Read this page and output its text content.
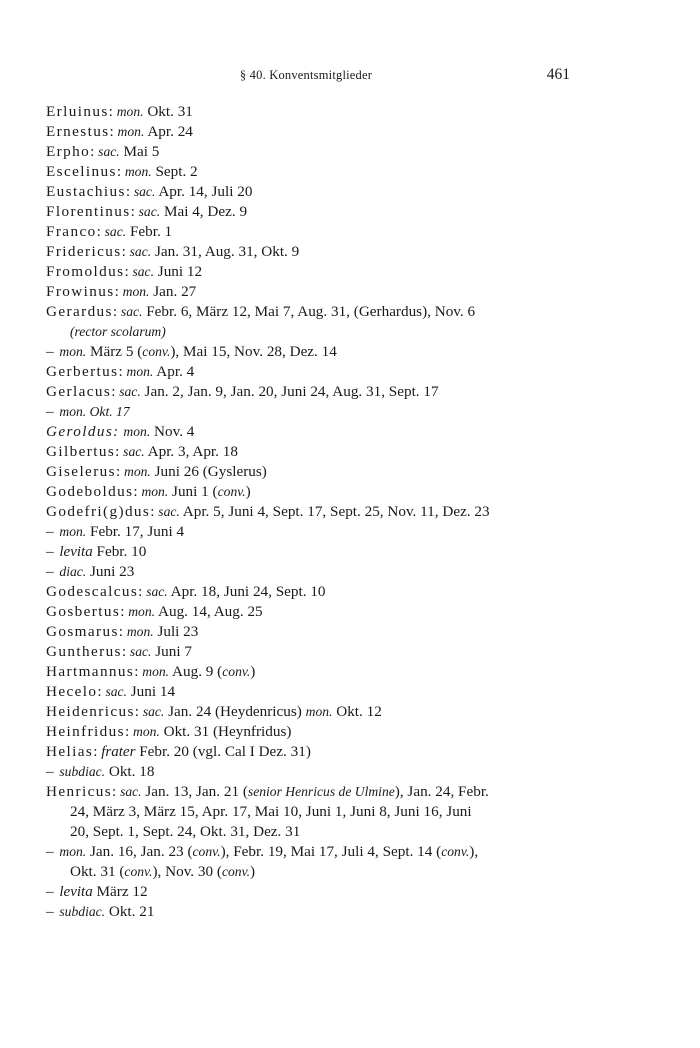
§ 40. Konventsmitglieder	461

Erluinus: mon. Okt. 31

Ernestus: mon. Apr. 24

Erpho: sac. Mai 5

Escelinus: mon. Sept. 2

Eustachius: sac. Apr. 14, Juli 20

Florentinus: sac. Mai 4, Dez. 9

Franco: sac. Febr. 1

Fridericus: sac. Jan. 31, Aug. 31, Okt. 9

Fromoldus: sac. Juni 12

Frowinus: mon. Jan. 27

Gerardus: sac. Febr. 6, März 12, Mai 7, Aug. 31, (Gerhardus), Nov. 6

(rector scolarum)

– mon. März 5 (conv.), Mai 15, Nov. 28, Dez. 14

Gerbertus: mon. Apr. 4

Gerlacus: sac. Jan. 2, Jan. 9, Jan. 20, Juni 24, Aug. 31, Sept. 17

– mon. Okt. 17

Geroldus: mon. Nov. 4

Gilbertus: sac. Apr. 3, Apr. 18

Giselerus: mon. Juni 26 (Gyslerus)

Godeboldus: mon. Juni 1 (conv.)

Godefri(g)dus: sac. Apr. 5, Juni 4, Sept. 17, Sept. 25, Nov. 11, Dez. 23

– mon. Febr. 17, Juni 4

– levita Febr. 10

– diac. Juni 23

Godescalcus: sac. Apr. 18, Juni 24, Sept. 10

Gosbertus: mon. Aug. 14, Aug. 25

Gosmarus: mon. Juli 23

Guntherus: sac. Juni 7

Hartmannus: mon. Aug. 9 (conv.)

Hecelo: sac. Juni 14

Heidenricus: sac. Jan. 24 (Heydenricus) mon. Okt. 12

Heinfridus: mon. Okt. 31 (Heynfridus)

Helias: frater Febr. 20 (vgl. Cal I Dez. 31)

– subdiac. Okt. 18

Henricus: sac. Jan. 13, Jan. 21 (senior Henricus de Ulmine), Jan. 24, Febr.

24, März 3, März 15, Apr. 17, Mai 10, Juni 1, Juni 8, Juni 16, Juni

20, Sept. 1, Sept. 24, Okt. 31, Dez. 31

– mon. Jan. 16, Jan. 23 (conv.), Febr. 19, Mai 17, Juli 4, Sept. 14 (conv.),

Okt. 31 (conv.), Nov. 30 (conv.)

– levita März 12

– subdiac. Okt. 21
